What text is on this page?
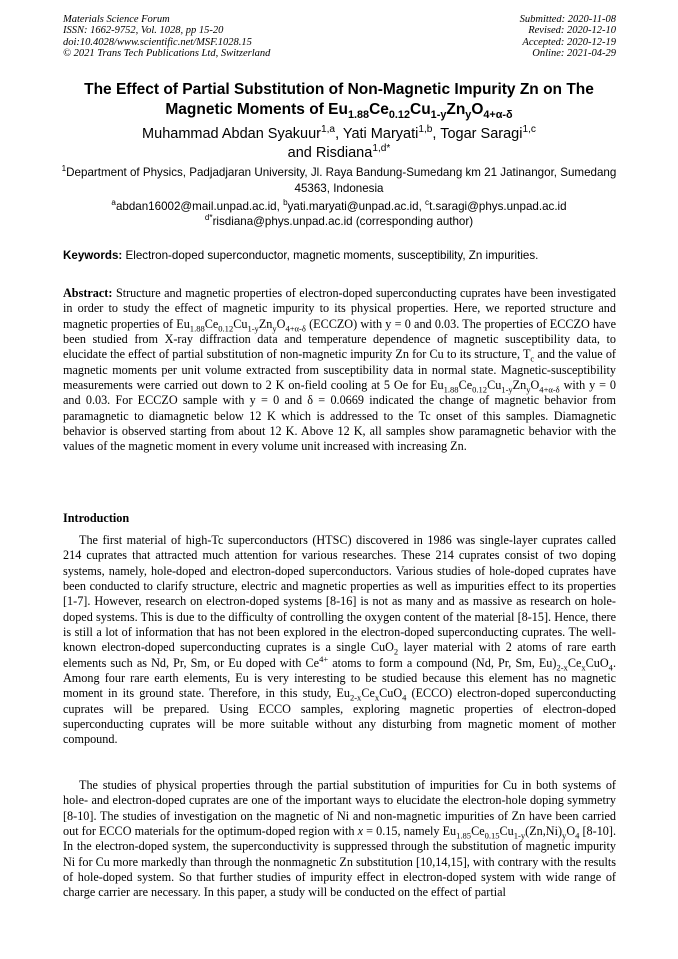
Materials Science Forum
ISSN: 1662-9752, Vol. 1028, pp 15-20
doi:10.4028/www.scientific.net/MSF.1028.15
© 2021 Trans Tech Publications Ltd, Switzerland
Submitted: 2020-11-08
Revised: 2020-12-10
Accepted: 2020-12-19
Online: 2021-04-29
The Effect of Partial Substitution of Non-Magnetic Impurity Zn on The Magnetic Moments of $Eu_{1.88}Ce_{0.12}Cu_{1-y}Zn_yO_{4+\alpha-\delta}$
Muhammad Abdan Syakuur$^{1,a}$, Yati Maryati$^{1,b}$, Togar Saragi$^{1,c}$
and Risdiana$^{1,d*}$
$^1$Department of Physics, Padjadjaran University, Jl. Raya Bandung-Sumedang km 21 Jatinangor, Sumedang 45363, Indonesia
$^a$abdan16002@mail.unpad.ac.id, $^b$yati.maryati@unpad.ac.id, $^c$t.saragi@phys.unpad.ac.id
$^{d*}$risdiana@phys.unpad.ac.id (corresponding author)
Keywords: Electron-doped superconductor, magnetic moments, susceptibility, Zn impurities.
Abstract: Structure and magnetic properties of electron-doped superconducting cuprates have been investigated in order to study the effect of magnetic impurity to its physical properties. Here, we reported structure and magnetic properties of $Eu_{1.88}Ce_{0.12}Cu_{1-y}Zn_yO_{4+\alpha-\delta}$ (ECCZO) with y = 0 and 0.03. The properties of ECCZO have been studied from X-ray diffraction data and temperature dependence of magnetic susceptibility data, to elucidate the effect of partial substitution of non-magnetic impurity Zn for Cu to its structure, $T_c$ and the value of magnetic moments per unit volume extracted from susceptibility data in normal state. Magnetic-susceptibility measurements were carried out down to 2 K on-field cooling at 5 Oe for $Eu_{1.88}Ce_{0.12}Cu_{1-y}Zn_yO_{4+\alpha-\delta}$ with y = 0 and 0.03. For ECCZO sample with y = 0 and δ = 0.0669 indicated the change of magnetic behavior from paramagnetic to diamagnetic below 12 K which is addressed to the Tc onset of this samples. Diamagnetic behavior is observed starting from about 12 K. Above 12 K, all samples show paramagnetic behavior with the values of the magnetic moment in every volume unit increased with increasing Zn.
Introduction
The first material of high-Tc superconductors (HTSC) discovered in 1986 was single-layer cuprates called 214 cuprates that attracted much attention for various researches. These 214 cuprates consist of two doping systems, namely, hole-doped and electron-doped superconductors. Various studies of hole-doped cuprates have been conducted to clarify structure, electric and magnetic properties as well as impurities effect to its properties [1-7]. However, research on electron-doped systems [8-16] is not as many and as massive as research on hole-doped systems. This is due to the difficulty of controlling the oxygen content of the material [8-15]. Hence, there is still a lot of information that has not been explored in the electron-doped superconducting cuprates. The well-known electron-doped superconducting cuprates is a single CuO$_2$ layer material with 2 atoms of rare earth elements such as Nd, Pr, Sm, or Eu doped with $Ce^{4+}$ atoms to form a compound (Nd, Pr, Sm, $Eu)_{2-x}Ce_xCuO_4$. Among four rare earth elements, Eu is very interesting to be studied because this element has no magnetic moment in its ground state. Therefore, in this study, $Eu_{2-x}Ce_xCuO_4$ (ECCO) electron-doped superconducting cuprates will be prepared. Using ECCO samples, exploring magnetic properties of electron-doped superconducting cuprates will be more suitable without any disturbing from magnetic moment of mother compound.
The studies of physical properties through the partial substitution of impurities for Cu in both systems of hole- and electron-doped cuprates are one of the important ways to elucidate the electron-hole doping symmetry [8-10]. The studies of investigation on the magnetic of Ni and non-magnetic impurities of Zn have been carried out for ECCO materials for the optimum-doped region with x = 0.15, namely $Eu_{1.85}Ce_{0.15}Cu_{1-y}(Zn,Ni)_yO_4$ [8-10]. In the electron-doped system, the superconductivity is suppressed through the substitution of magnetic impurity Ni for Cu more markedly than through the nonmagnetic Zn substitution [10,14,15], with contrary with the results of hole-doped system. So that further studies of impurity effect in electron-doped system with wide range of charge carrier are necessary. In this paper, a study will be conducted on the effect of partial
